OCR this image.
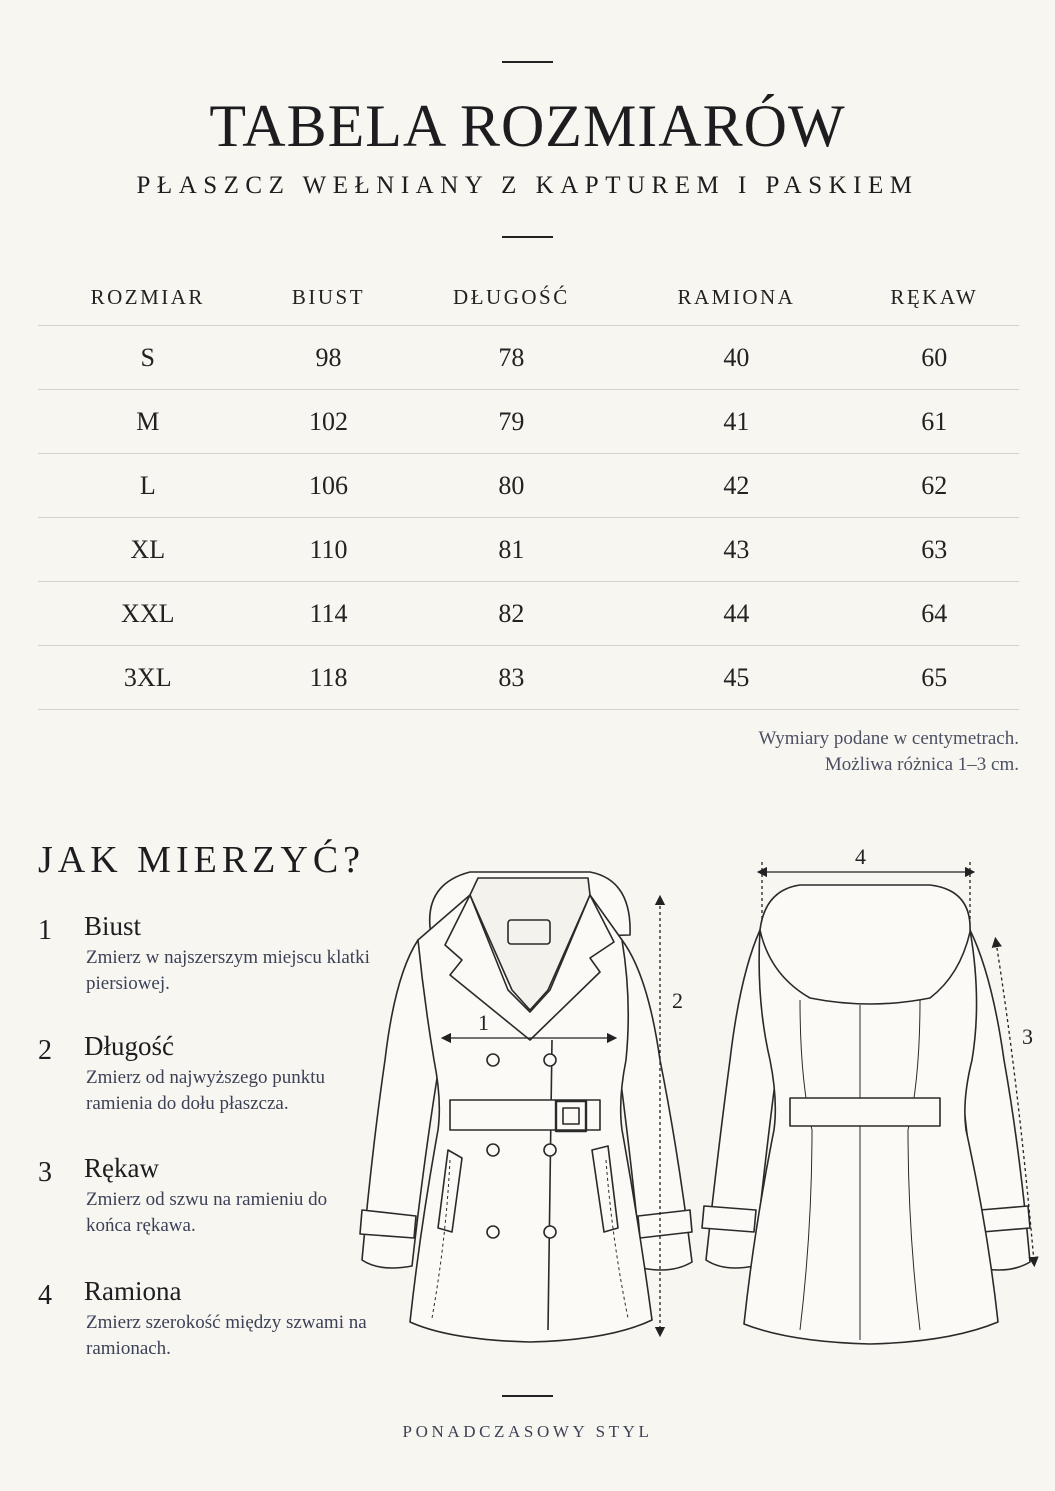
TABELA ROZMIARÓW
PŁASZCZ WEŁNIANY Z KAPTUREM I PASKIEM
ROZMIAR	BIUST	DŁUGOŚĆ	RAMIONA	RĘKAW
S	98	78	40	60
M	102	79	41	61
L	106	80	42	62
XL	110	81	43	63
XXL	114	82	44	64
3XL	118	83	45	65
Wymiary podane w centymetrach.
Możliwa różnica 1–3 cm.
JAK MIERZYĆ?
1 Biust
Zmierz w najszerszym miejscu klatki piersiowej.
2 Długość
Zmierz od najwyższego punktu ramienia do dołu płaszcza.
3 Rękaw
Zmierz od szwu na ramieniu do końca rękawa.
4 Ramiona
Zmierz szerokość między szwami na ramionach.
1
2
4
3
PONADCZASOWY STYL
